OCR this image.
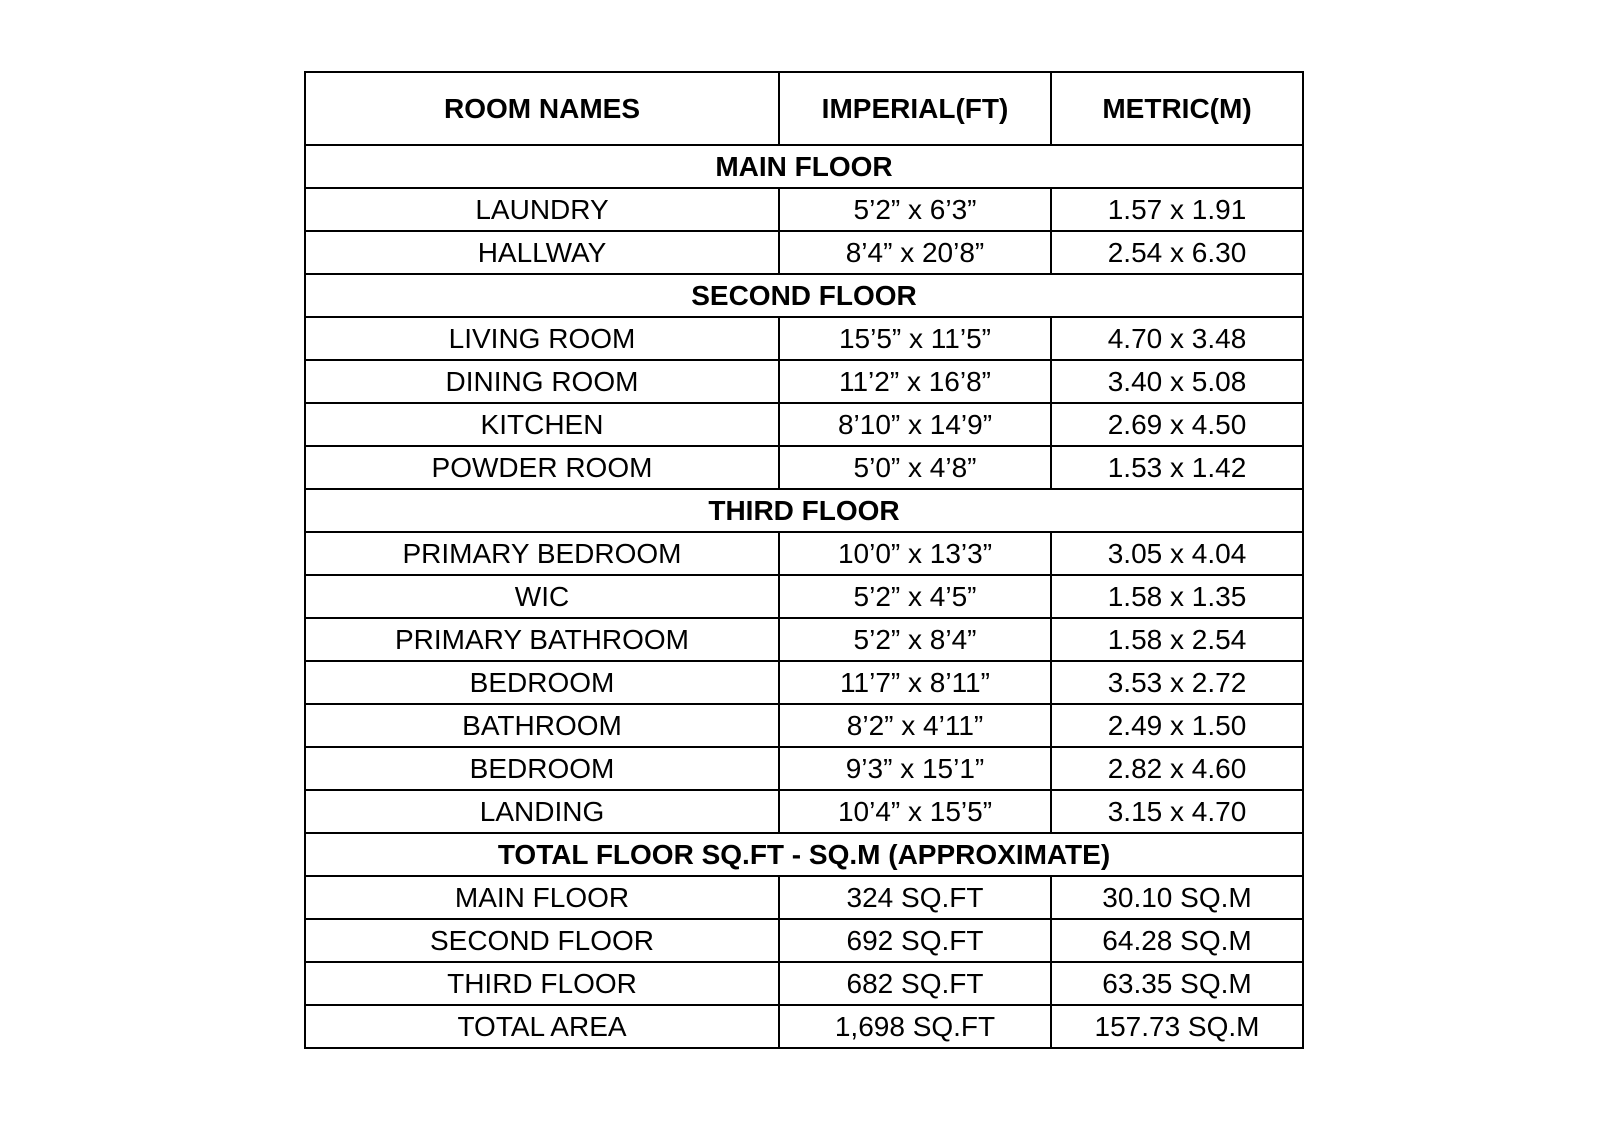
ROOM NAMES	IMPERIAL(FT)	METRIC(M)
MAIN FLOOR		
LAUNDRY	5’2” x 6’3”	1.57 x 1.91
HALLWAY	8’4” x 20’8”	2.54 x 6.30
SECOND FLOOR		
LIVING ROOM	15’5” x 11’5”	4.70 x 3.48
DINING ROOM	11’2” x 16’8”	3.40 x 5.08
KITCHEN	8’10” x 14’9”	2.69 x 4.50
POWDER ROOM	5’0” x 4’8”	1.53 x 1.42
THIRD FLOOR		
PRIMARY BEDROOM	10’0” x 13’3”	3.05 x 4.04
WIC	5’2” x 4’5”	1.58 x 1.35
PRIMARY BATHROOM	5’2” x 8’4”	1.58 x 2.54
BEDROOM	11’7” x 8’11”	3.53 x 2.72
BATHROOM	8’2” x 4’11”	2.49 x 1.50
BEDROOM	9’3” x 15’1”	2.82 x 4.60
LANDING	10’4” x 15’5”	3.15 x 4.70
TOTAL FLOOR SQ.FT - SQ.M (APPROXIMATE)		
MAIN FLOOR	324 SQ.FT	30.10 SQ.M
SECOND FLOOR	692 SQ.FT	64.28 SQ.M
THIRD FLOOR	682 SQ.FT	63.35 SQ.M
TOTAL AREA	1,698 SQ.FT	157.73 SQ.M
